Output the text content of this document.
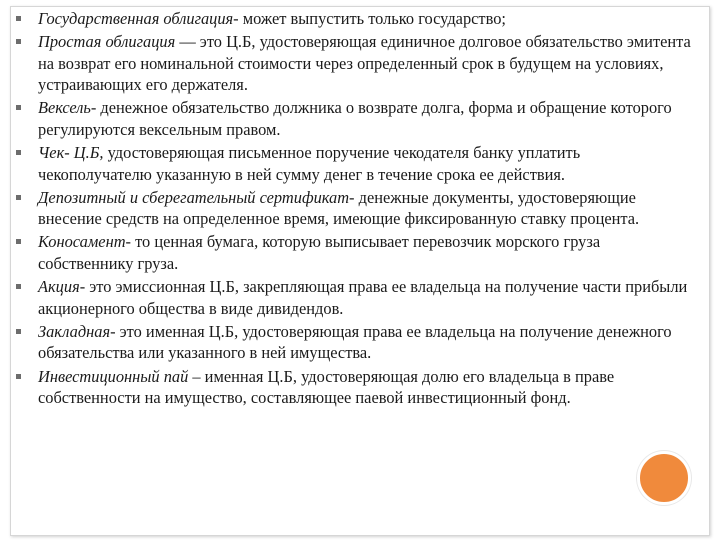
Государственная облигация- может выпустить только государство;
Простая облигация — это Ц.Б, удостоверяющая единичное долговое обязательство эмитента на возврат его номинальной стоимости через определенный срок в будущем на условиях, устраивающих его держателя.
Вексель- денежное обязательство должника о возврате долга, форма и обращение которого регулируются вексельным правом.
Чек- Ц.Б, удостоверяющая письменное поручение чекодателя банку уплатить чекополучателю указанную в ней сумму денег в течение срока ее действия.
Депозитный и сберегательный сертификат- денежные документы, удостоверяющие внесение средств на определенное время, имеющие фиксированную ставку процента.
Коносамент- то ценная бумага, которую выписывает перевозчик морского груза собственнику груза.
Акция- это эмиссионная Ц.Б, закрепляющая права ее владельца на получение части прибыли акционерного общества в виде дивидендов.
Закладная- это именная Ц.Б, удостоверяющая права ее владельца на получение денежного обязательства или указанного в ней имущества.
Инвестиционный пай – именная Ц.Б, удостоверяющая долю его владельца в праве собственности на имущество, составляющее паевой инвестиционный фонд.
